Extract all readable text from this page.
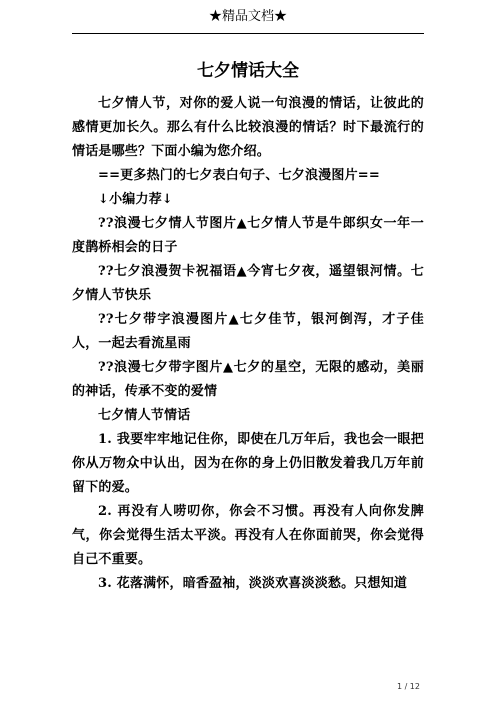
★精品文档★
七夕情话大全

七夕情人节，对你的爱人说一句浪漫的情话，让彼此的感情更加长久。那么有什么比较浪漫的情话？时下最流行的情话是哪些？下面小编为您介绍。

==更多热门的七夕表白句子、七夕浪漫图片==

↓小编力荐↓

??浪漫七夕情人节图片▲七夕情人节是牛郎织女一年一度鹊桥相会的日子

??七夕浪漫贺卡祝福语▲今宵七夕夜，遥望银河情。七夕情人节快乐

??七夕带字浪漫图片▲七夕佳节，银河倒泻，才子佳人，一起去看流星雨

??浪漫七夕带字图片▲七夕的星空，无限的感动，美丽的神话，传承不变的爱情

七夕情人节情话

1. 我要牢牢地记住你，即使在几万年后，我也会一眼把你从万物众中认出，因为在你的身上仍旧散发着我几万年前留下的爱。

2. 再没有人唠叨你，你会不习惯。再没有人向你发脾气，你会觉得生活太平淡。再没有人在你面前哭，你会觉得自己不重要。

3. 花落满怀，暗香盈袖，淡淡欢喜淡淡愁。只想知道

1 / 12
